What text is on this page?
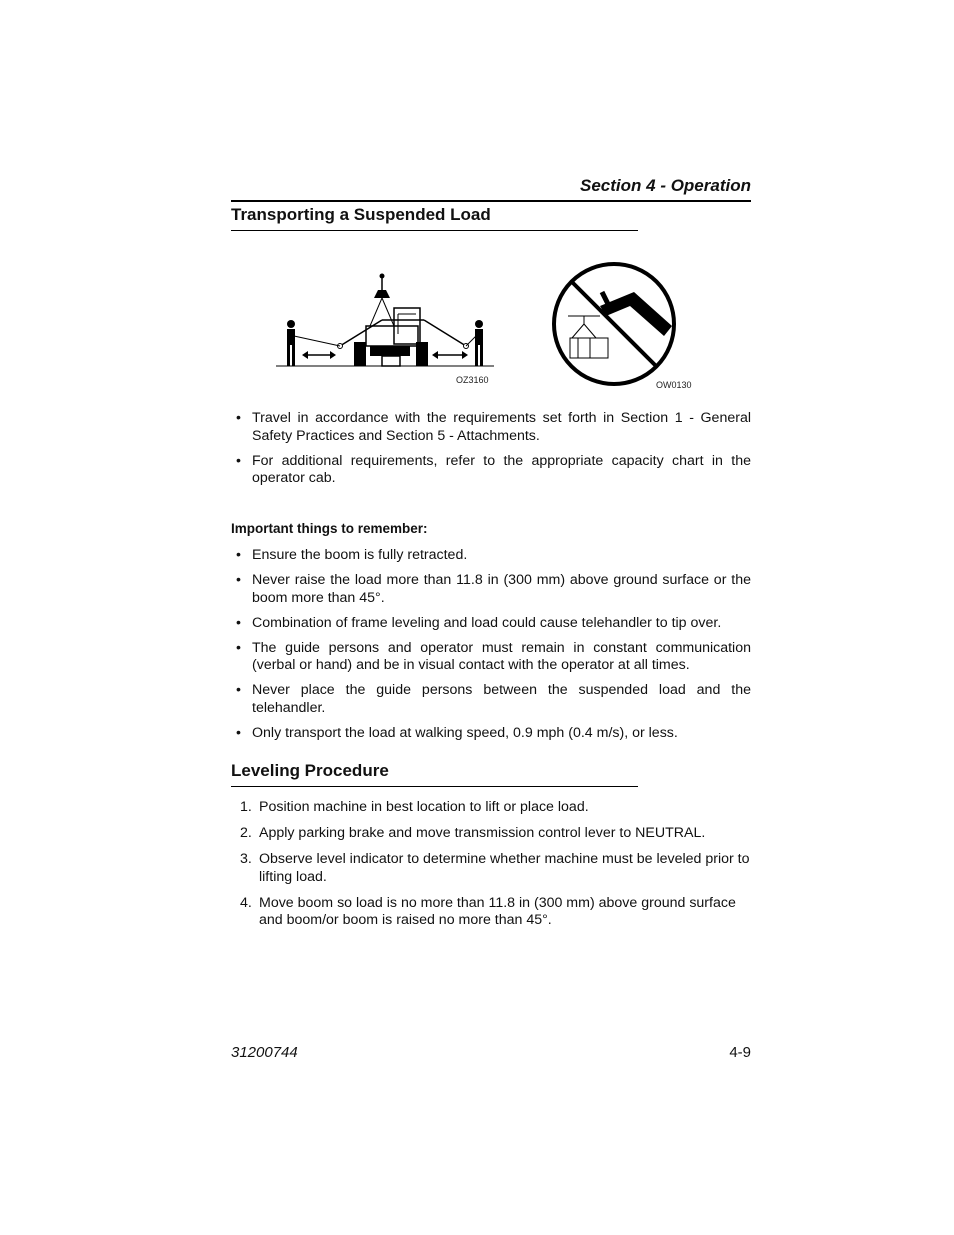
Section 4 - Operation
Transporting a Suspended Load
OZ3160	OW0130
• Travel in accordance with the requirements set forth in Section 1 - General Safety Practices and Section 5 - Attachments.
• For additional requirements, refer to the appropriate capacity chart in the operator cab.
Important things to remember:
• Ensure the boom is fully retracted.
• Never raise the load more than 11.8 in (300 mm) above ground surface or the boom more than 45°.
• Combination of frame leveling and load could cause telehandler to tip over.
• The guide persons and operator must remain in constant communication (verbal or hand) and be in visual contact with the operator at all times.
• Never place the guide persons between the suspended load and the telehandler.
• Only transport the load at walking speed, 0.9 mph (0.4 m/s), or less.
Leveling Procedure
1. Position machine in best location to lift or place load.
2. Apply parking brake and move transmission control lever to NEUTRAL.
3. Observe level indicator to determine whether machine must be leveled prior to lifting load.
4. Move boom so load is no more than 11.8 in (300 mm) above ground surface and boom/or boom is raised no more than 45°.
31200744	4-9
